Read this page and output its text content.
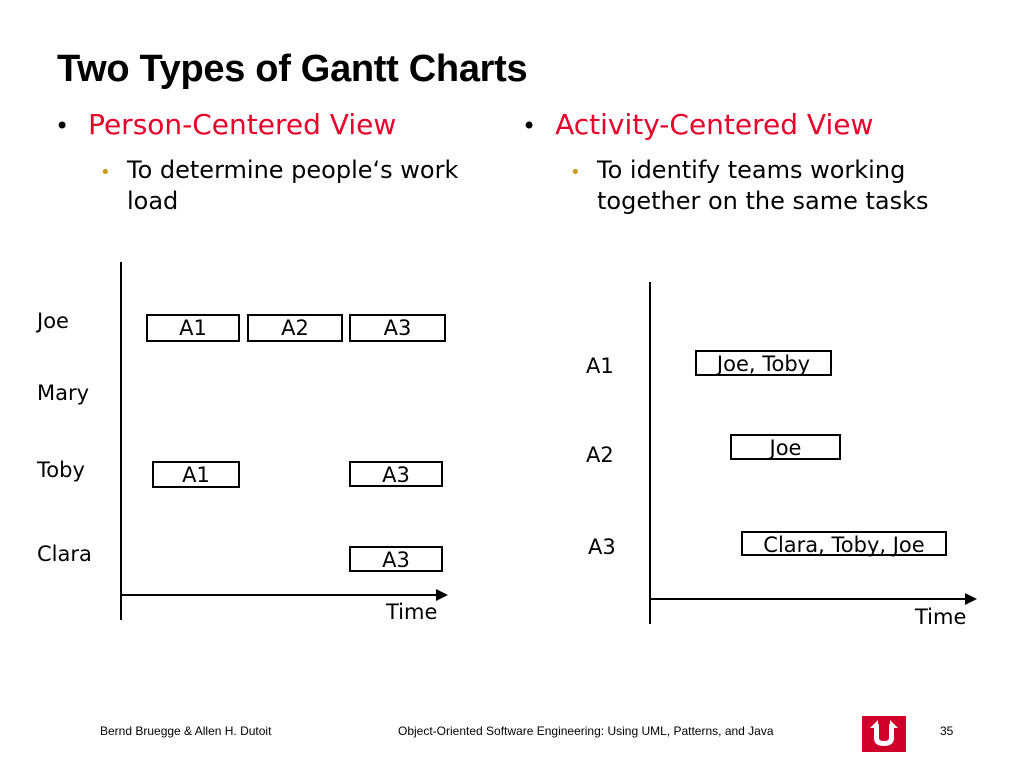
Two Types of Gantt Charts
• Person-Centered View
• To determine people‘s work load
• Activity-Centered View
• To identify teams working together on the same tasks
Time
Joe
Mary
Toby
Clara
A1	A2	A3
A1	A3
A3
Time
A1
A2
A3
Joe, Toby
Joe
Clara, Toby, Joe
Bernd Bruegge & Allen H. Dutoit	Object-Oriented Software Engineering: Using UML, Patterns, and Java	35
